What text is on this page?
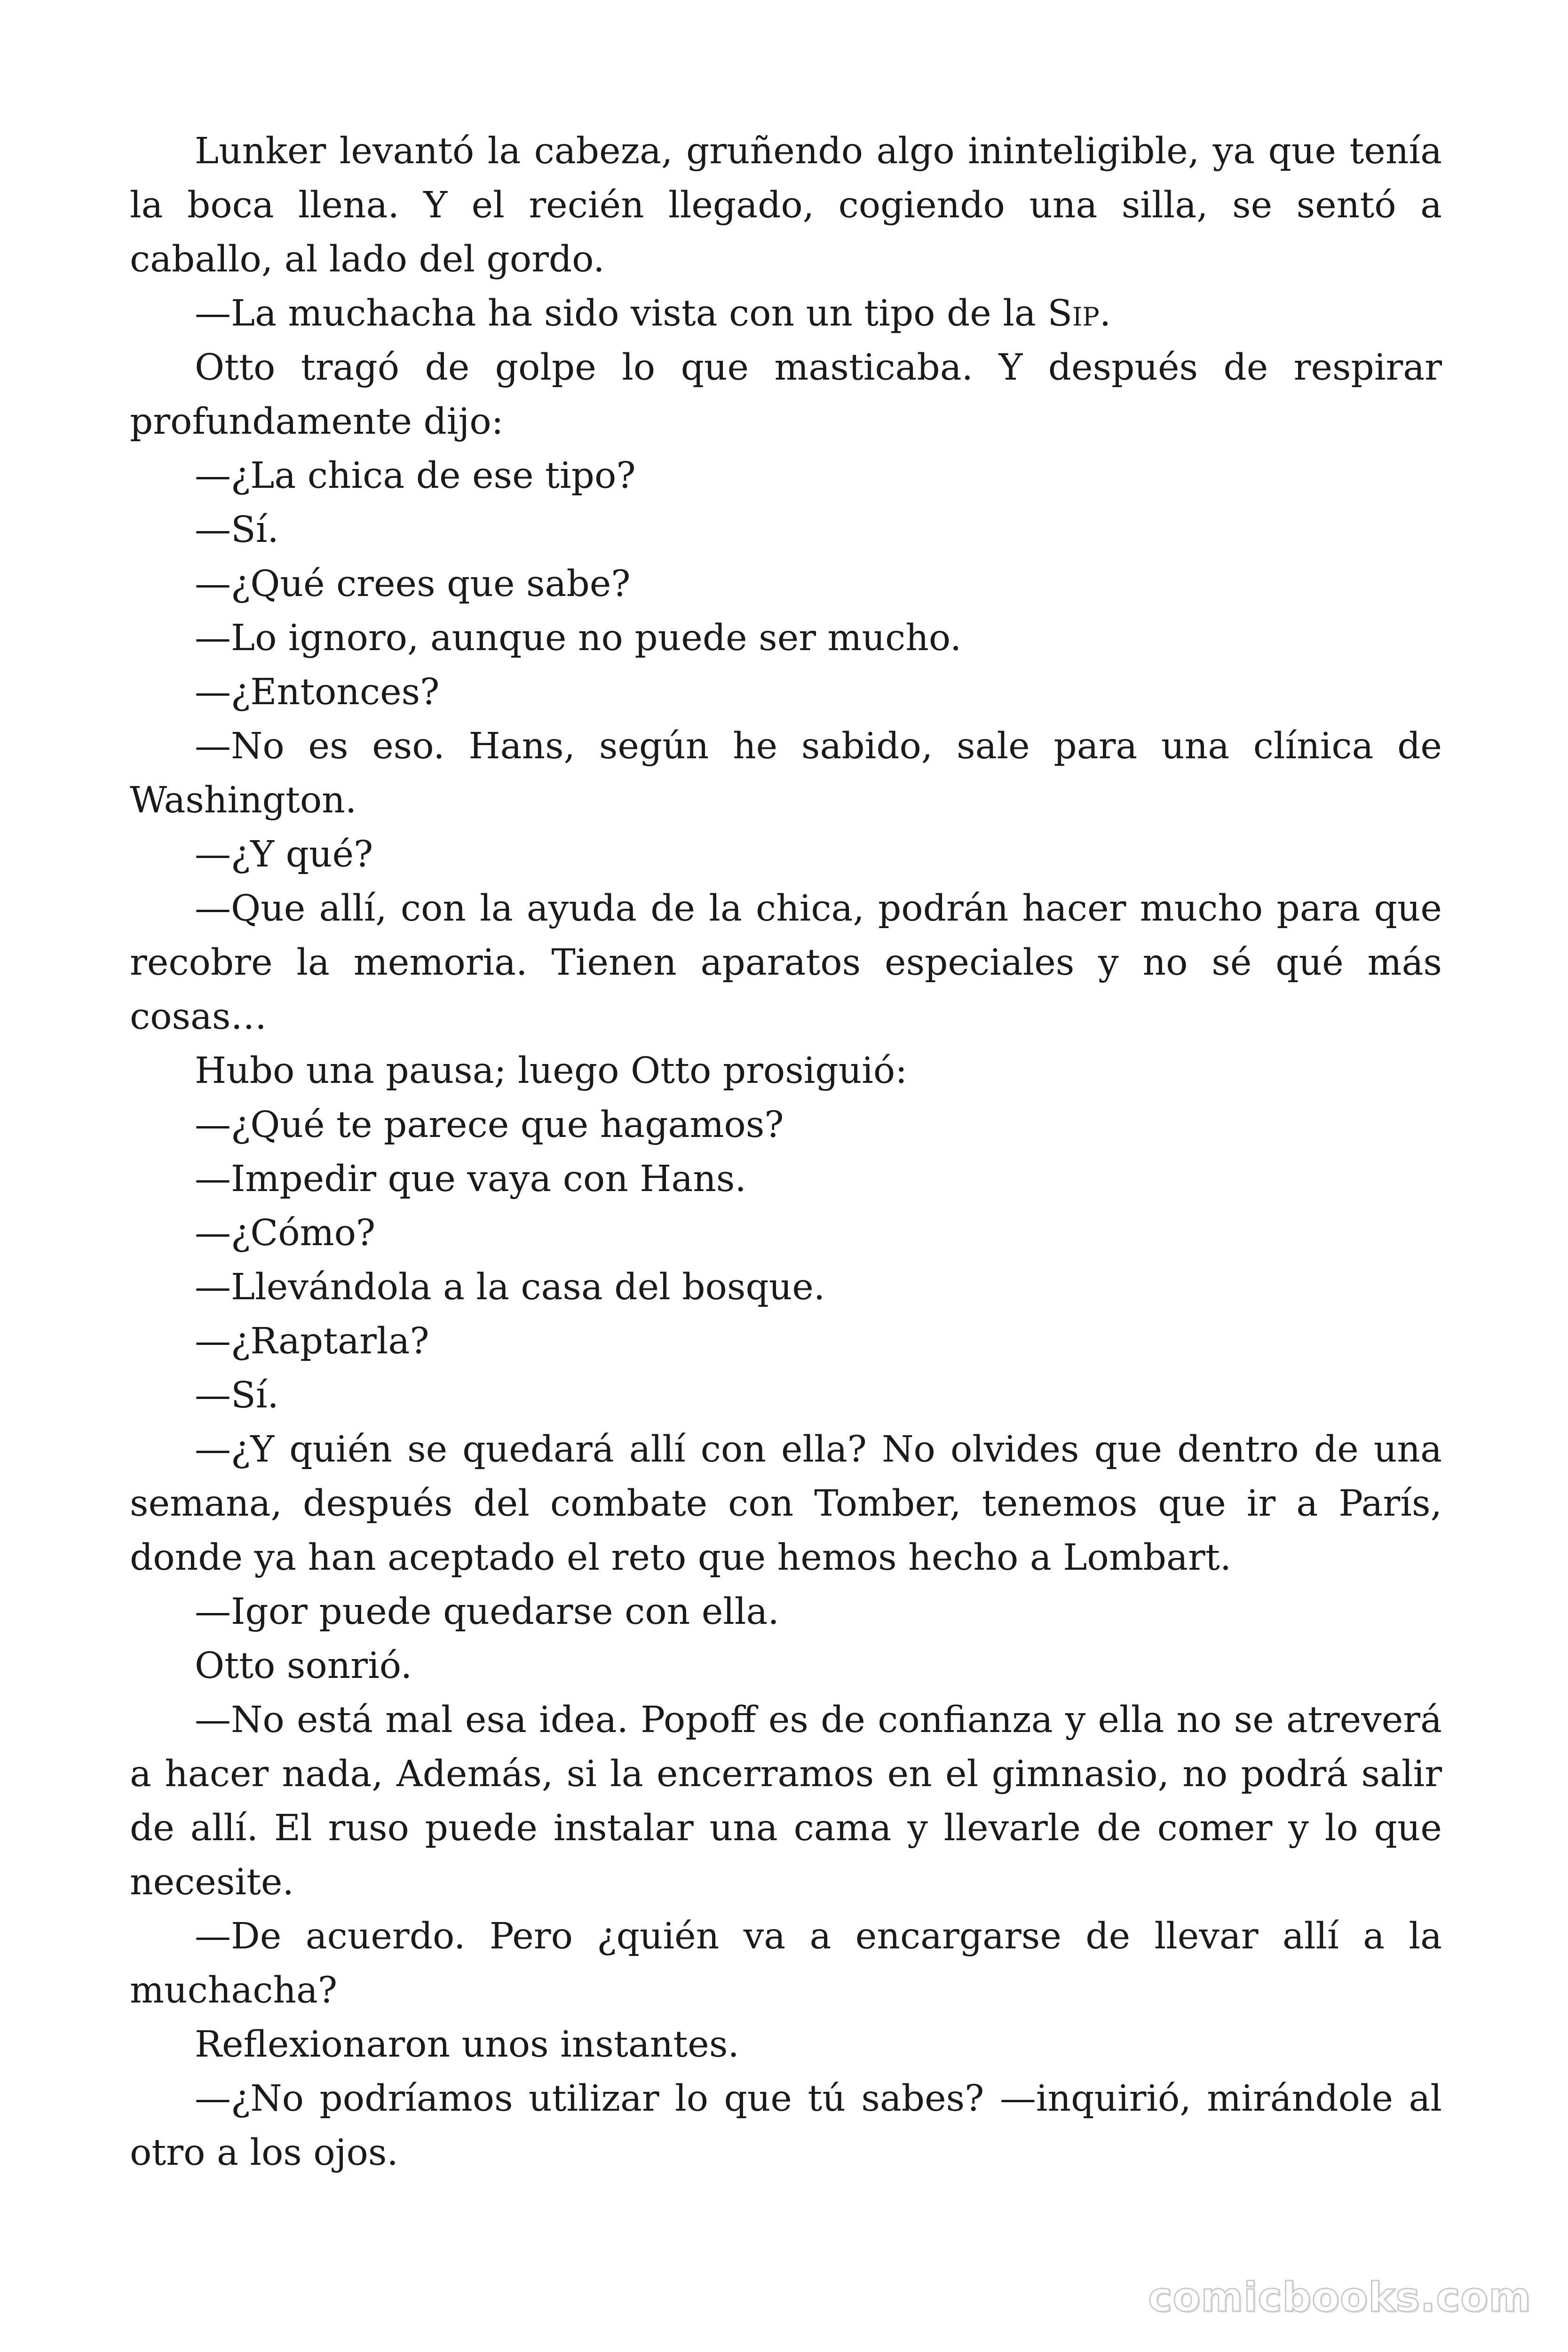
Lunker levantó la cabeza, gruñendo algo ininteligible, ya que tenía la boca llena. Y el recién llegado, cogiendo una silla, se sentó a caballo, al lado del gordo.

—La muchacha ha sido vista con un tipo de la Sip.

Otto tragó de golpe lo que masticaba. Y después de respirar profundamente dijo:

—¿La chica de ese tipo?

—Sí.

—¿Qué crees que sabe?

—Lo ignoro, aunque no puede ser mucho.

—¿Entonces?

—No es eso. Hans, según he sabido, sale para una clínica de Washington.

—¿Y qué?

—Que allí, con la ayuda de la chica, podrán hacer mucho para que recobre la memoria. Tienen aparatos especiales y no sé qué más cosas…

Hubo una pausa; luego Otto prosiguió:

—¿Qué te parece que hagamos?

—Impedir que vaya con Hans.

—¿Cómo?

—Llevándola a la casa del bosque.

—¿Raptarla?

—Sí.

—¿Y quién se quedará allí con ella? No olvides que dentro de una semana, después del combate con Tomber, tenemos que ir a París, donde ya han aceptado el reto que hemos hecho a Lombart.

—Igor puede quedarse con ella.

Otto sonrió.

—No está mal esa idea. Popoff es de confianza y ella no se atreverá a hacer nada, Además, si la encerramos en el gimnasio, no podrá salir de allí. El ruso puede instalar una cama y llevarle de comer y lo que necesite.

—De acuerdo. Pero ¿quién va a encargarse de llevar allí a la muchacha?

Reflexionaron unos instantes.

—¿No podríamos utilizar lo que tú sabes? —inquirió, mirándole al otro a los ojos.

comicbooks.com
